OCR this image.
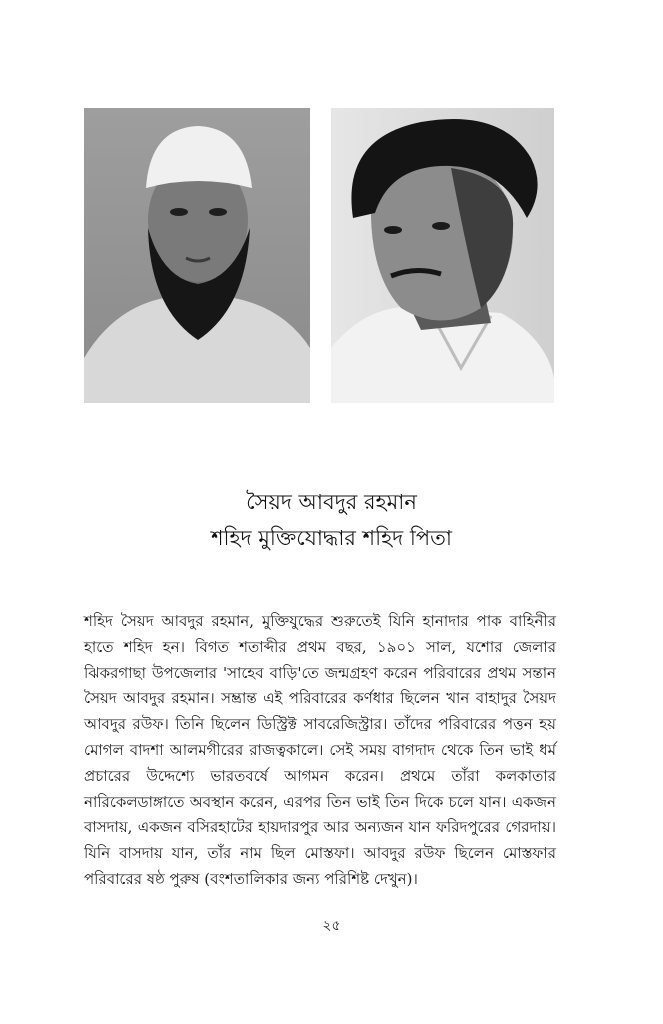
সৈয়দ আবদুর রহমান
শহিদ মুক্তিযোদ্ধার শহিদ পিতা

শহিদ সৈয়দ আবদুর রহমান, মুক্তিযুদ্ধের শুরুতেই যিনি হানাদার পাক বাহিনীর হাতে শহিদ হন। বিগত শতাব্দীর প্রথম বছর, ১৯০১ সাল, যশোর জেলার ঝিকরগাছা উপজেলার 'সাহেব বাড়ি'তে জন্মগ্রহণ করেন পরিবারের প্রথম সন্তান সৈয়দ আবদুর রহমান। সম্ভ্রান্ত এই পরিবারের কর্ণধার ছিলেন খান বাহাদুর সৈয়দ আবদুর রউফ। তিনি ছিলেন ডিস্ট্রিক্ট সাবরেজিস্ট্রার। তাঁদের পরিবারের পত্তন হয় মোগল বাদশা আলমগীরের রাজত্বকালে। সেই সময় বাগদাদ থেকে তিন ভাই ধর্ম প্রচারের উদ্দেশ্যে ভারতবর্ষে আগমন করেন। প্রথমে তাঁরা কলকাতার নারিকেলডাঙ্গাতে অবস্থান করেন, এরপর তিন ভাই তিন দিকে চলে যান। একজন বাসদায়, একজন বসিরহাটের হায়দারপুর আর অন্যজন যান ফরিদপুরের গেরদায়। যিনি বাসদায় যান, তাঁর নাম ছিল মোস্তফা। আবদুর রউফ ছিলেন মোস্তফার পরিবারের ষষ্ঠ পুরুষ (বংশতালিকার জন্য পরিশিষ্ট দেখুন)।

২৫
